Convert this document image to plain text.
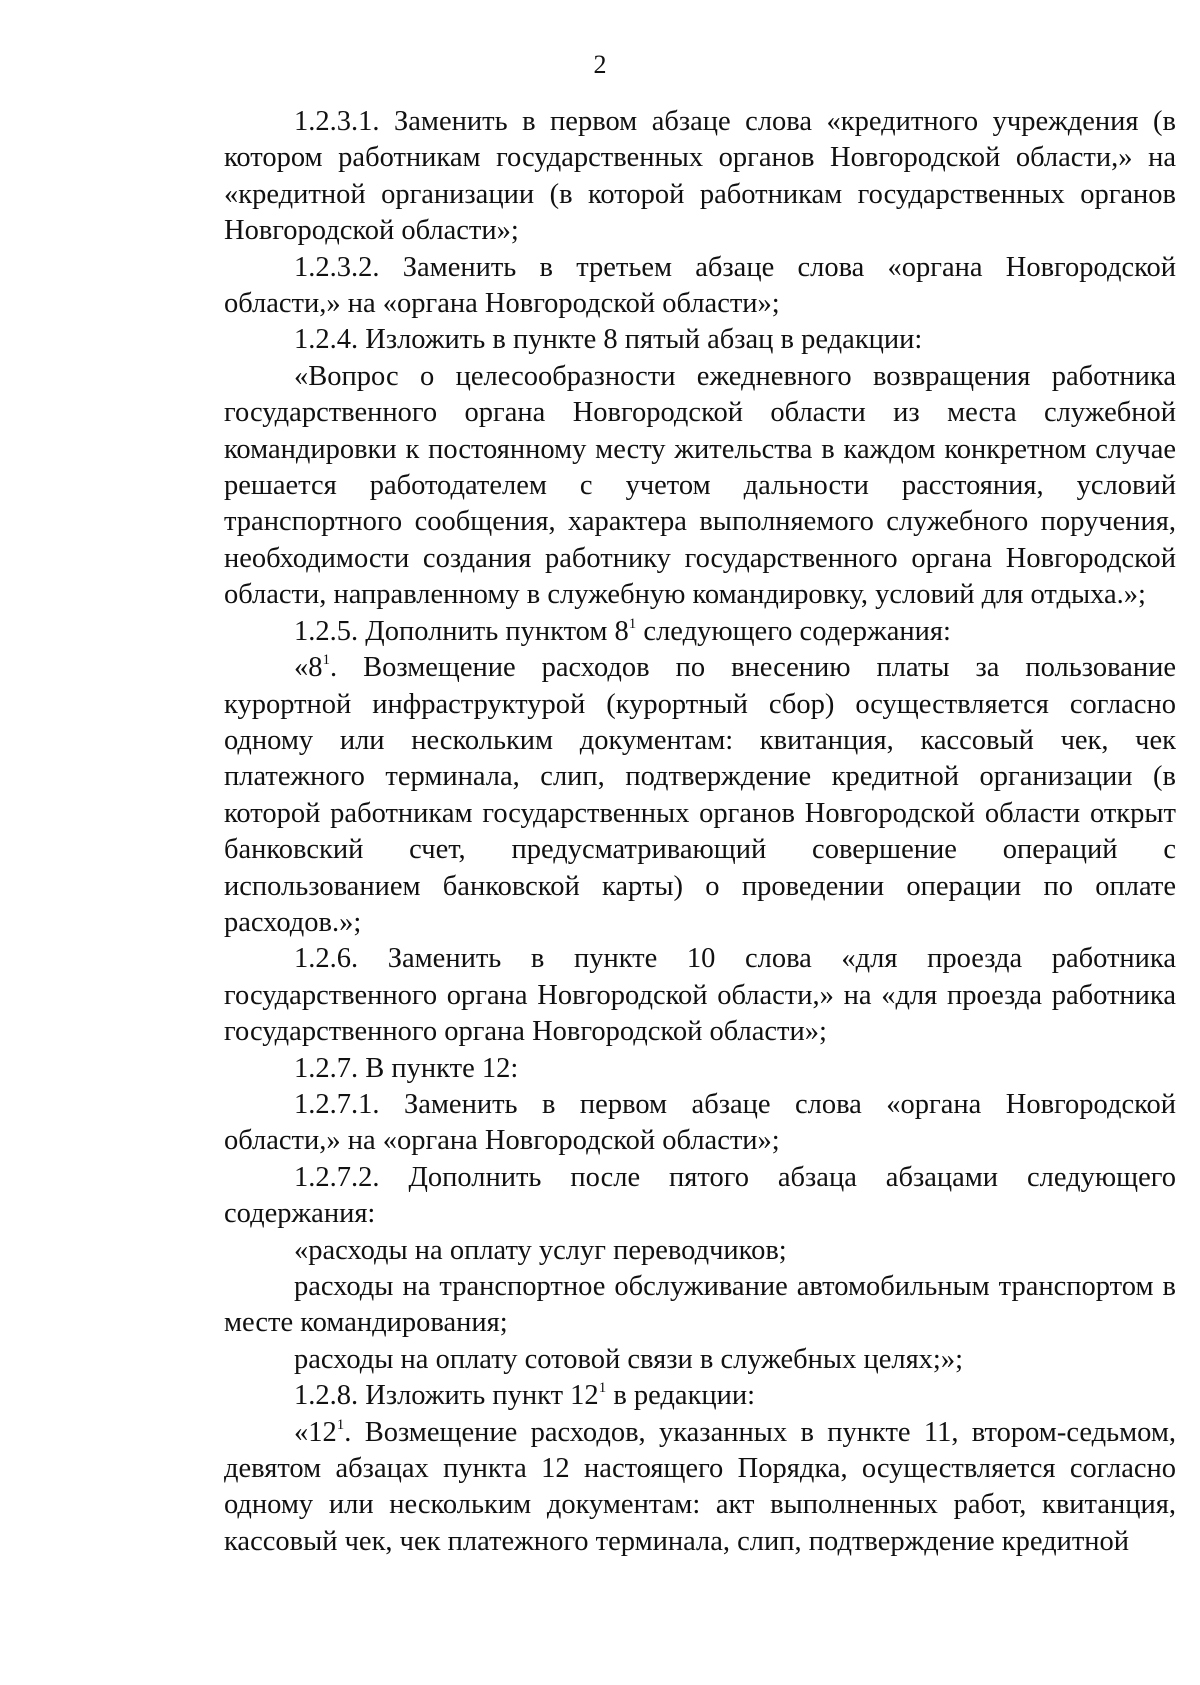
2

1.2.3.1. Заменить в первом абзаце слова «кредитного учреждения (в котором работникам государственных органов Новгородской области,» на «кредитной организации (в которой работникам государственных органов Новгородской области»;

1.2.3.2. Заменить в третьем абзаце слова «органа Новгородской области,» на «органа Новгородской области»;

1.2.4. Изложить в пункте 8 пятый абзац в редакции:

«Вопрос о целесообразности ежедневного возвращения работника государственного органа Новгородской области из места служебной командировки к постоянному месту жительства в каждом конкретном случае решается работодателем с учетом дальности расстояния, условий транспортного сообщения, характера выполняемого служебного поручения, необходимости создания работнику государственного органа Новгородской области, направленному в служебную командировку, условий для отдыха.»;

1.2.5. Дополнить пунктом $8^1$ следующего содержания:

«$8^1$. Возмещение расходов по внесению платы за пользование курортной инфраструктурой (курортный сбор) осуществляется согласно одному или нескольким документам: квитанция, кассовый чек, чек платежного терминала, слип, подтверждение кредитной организации (в которой работникам государственных органов Новгородской области открыт банковский счет, предусматривающий совершение операций с использованием банковской карты) о проведении операции по оплате расходов.»;

1.2.6. Заменить в пункте 10 слова «для проезда работника государственного органа Новгородской области,» на «для проезда работника государственного органа Новгородской области»;

1.2.7. В пункте 12:

1.2.7.1. Заменить в первом абзаце слова «органа Новгородской области,» на «органа Новгородской области»;

1.2.7.2. Дополнить после пятого абзаца абзацами следующего содержания:

«расходы на оплату услуг переводчиков;

расходы на транспортное обслуживание автомобильным транспортом в месте командирования;

расходы на оплату сотовой связи в служебных целях;»;

1.2.8. Изложить пункт $12^1$ в редакции:

«$12^1$. Возмещение расходов, указанных в пункте 11, втором-седьмом, девятом абзацах пункта 12 настоящего Порядка, осуществляется согласно одному или нескольким документам: акт выполненных работ, квитанция, кассовый чек, чек платежного терминала, слип, подтверждение кредитной
